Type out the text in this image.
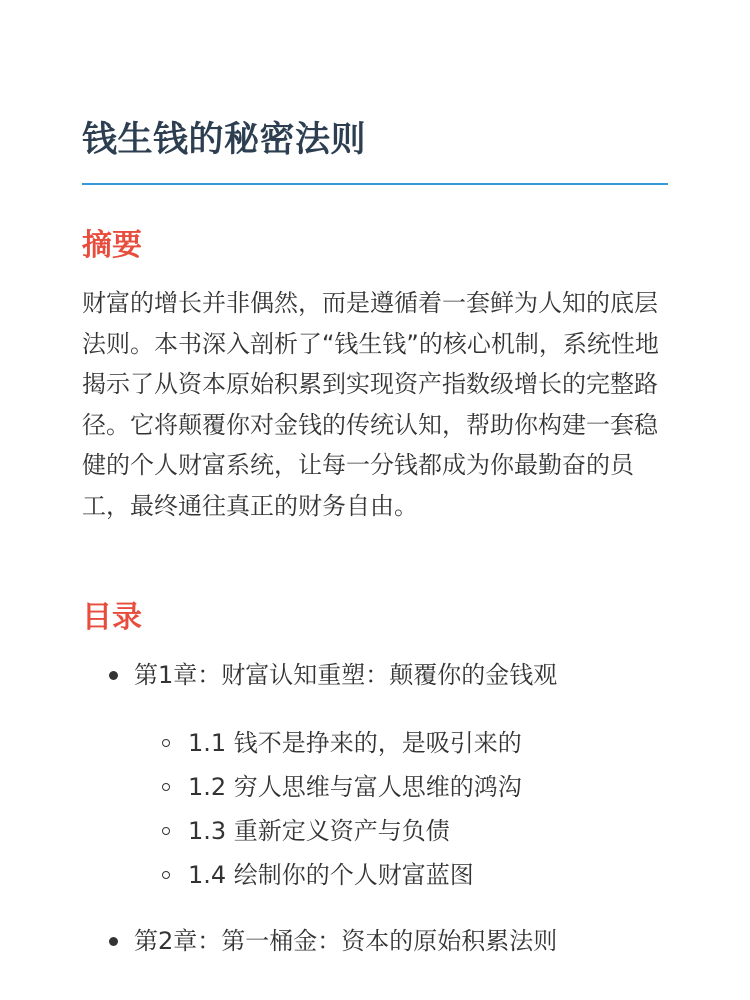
钱生钱的秘密法则
摘要

财富的增长并非偶然，而是遵循着一套鲜为人知的底层法则。本书深入剖析了“钱生钱”的核心机制，系统性地揭示了从资本原始积累到实现资产指数级增长的完整路径。它将颠覆你对金钱的传统认知，帮助你构建一套稳健的个人财富系统，让每一分钱都成为你最勤奋的员工，最终通往真正的财务自由。

目录
第1章：财富认知重塑：颠覆你的金钱观
1.1 钱不是挣来的，是吸引来的
1.2 穷人思维与富人思维的鸿沟
1.3 重新定义资产与负债
1.4 绘制你的个人财富蓝图
第2章：第一桶金：资本的原始积累法则
